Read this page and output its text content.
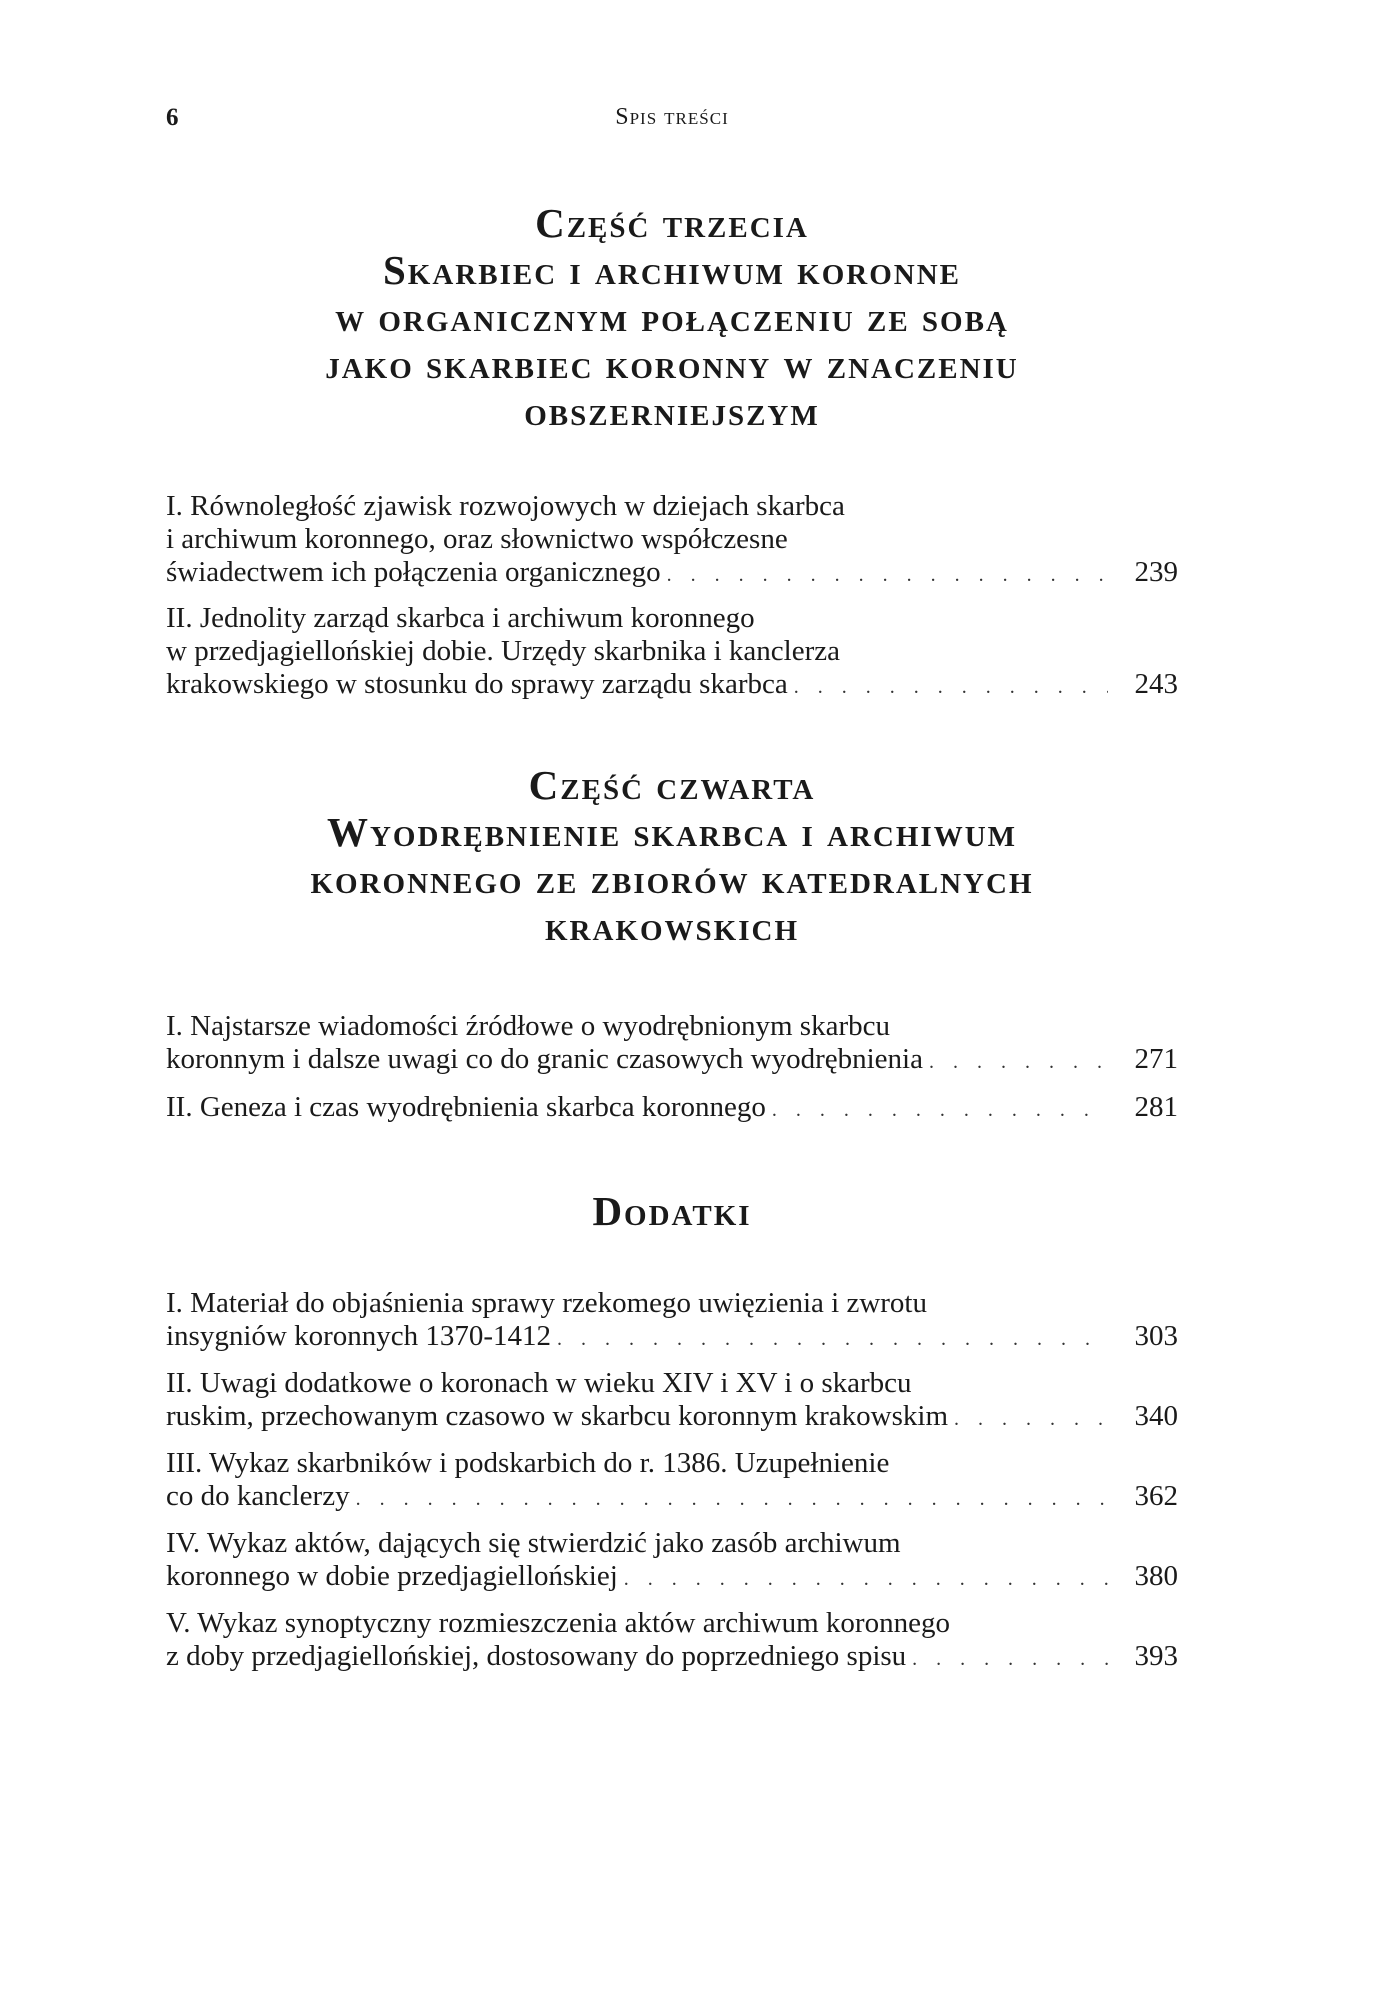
6	Spis treści
Część trzecia
Skarbiec i archiwum koronne
w organicznym połączeniu ze sobą
jako skarbiec koronny w znaczeniu
obszerniejszym
I. Równoległość zjawisk rozwojowych w dziejach skarbca
i archiwum koronnego, oraz słownictwo współczesne
świadectwem ich połączenia organicznego . . .	239
II. Jednolity zarząd skarbca i archiwum koronnego
w przedjagiellońskiej dobie. Urzędy skarbnika i kanclerza
krakowskiego w stosunku do sprawy zarządu skarbca . . .	243
Część czwarta
Wyodrębnienie skarbca i archiwum
koronnego ze zbiorów katedralnych
krakowskich
I. Najstarsze wiadomości źródłowe o wyodrębnionym skarbcu
koronnym i dalsze uwagi co do granic czasowych wyodrębnienia . . .	271
II. Geneza i czas wyodrębnienia skarbca koronnego . . .	281
Dodatki
I. Materiał do objaśnienia sprawy rzekomego uwięzienia i zwrotu
insygniów koronnych 1370-1412 . . .	303
II. Uwagi dodatkowe o koronach w wieku XIV i XV i o skarbcu
ruskim, przechowanym czasowo w skarbcu koronnym krakowskim . . .	340
III. Wykaz skarbników i podskarbich do r. 1386. Uzupełnienie
co do kanclerzy . . .	362
IV. Wykaz aktów, dających się stwierdzić jako zasób archiwum
koronnego w dobie przedjagiellońskiej . . .	380
V. Wykaz synoptyczny rozmieszczenia aktów archiwum koronnego
z doby przedjagiellońskiej, dostosowany do poprzedniego spisu . . .	393
